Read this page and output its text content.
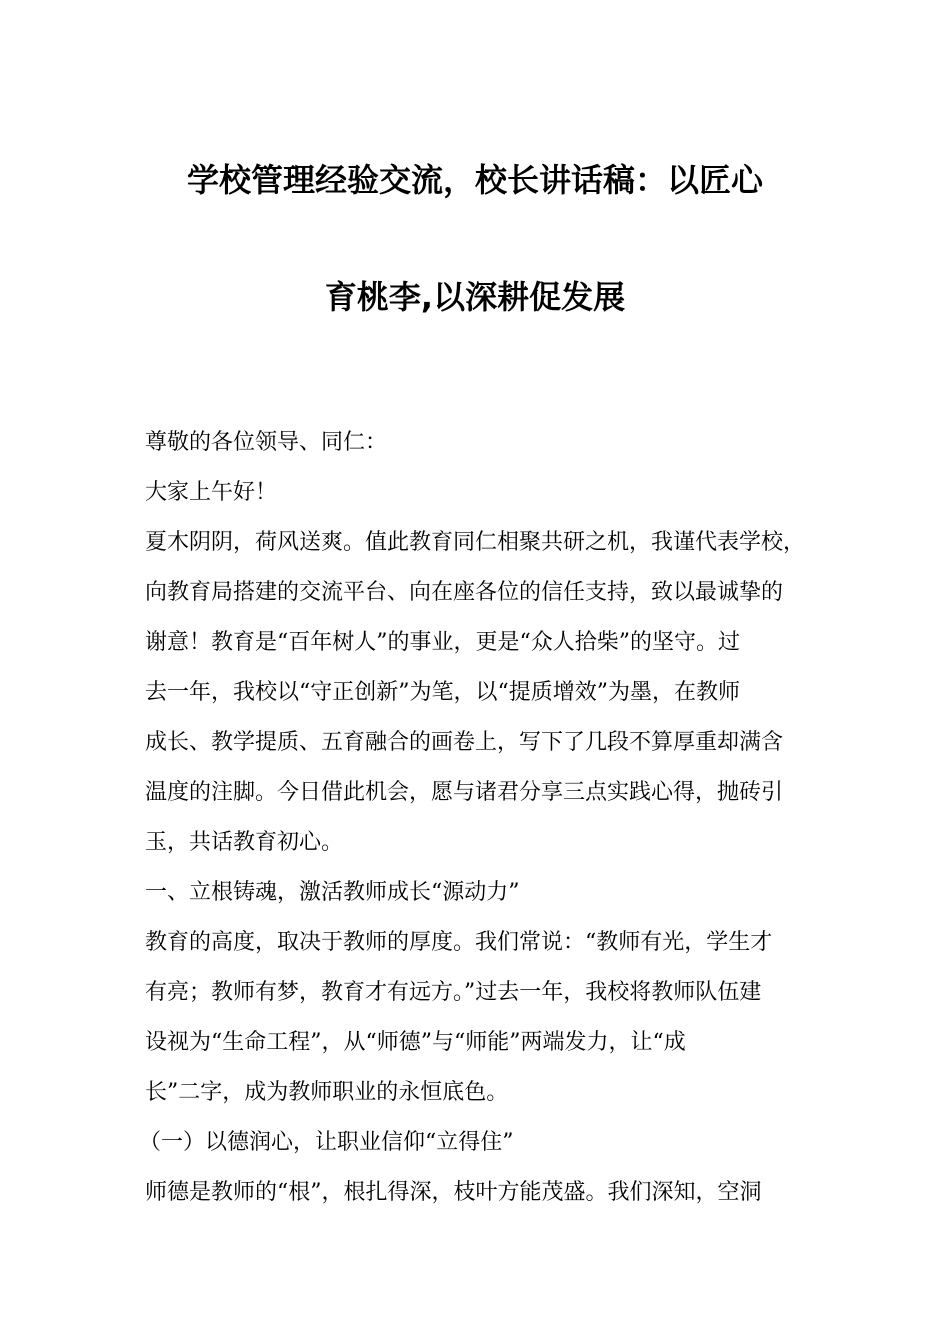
学校管理经验交流，校长讲话稿：以匠心
育桃李,以深耕促发展
尊敬的各位领导、同仁：
大家上午好！
夏木阴阴，荷风送爽。值此教育同仁相聚共研之机，我谨代表学校，
向教育局搭建的交流平台、向在座各位的信任支持，致以最诚挚的
谢意！教育是“百年树人”的事业，更是“众人拾柴”的坚守。过
去一年，我校以“守正创新”为笔，以“提质增效”为墨，在教师
成长、教学提质、五育融合的画卷上，写下了几段不算厚重却满含
温度的注脚。今日借此机会，愿与诸君分享三点实践心得，抛砖引
玉，共话教育初心。
一、立根铸魂，激活教师成长“源动力”
教育的高度，取决于教师的厚度。我们常说：“教师有光，学生才
有亮；教师有梦，教育才有远方。”过去一年，我校将教师队伍建
设视为“生命工程”，从“师德”与“师能”两端发力，让“成
长”二字，成为教师职业的永恒底色。
（一）以德润心，让职业信仰“立得住”
师德是教师的“根”，根扎得深，枝叶方能茂盛。我们深知，空洞
